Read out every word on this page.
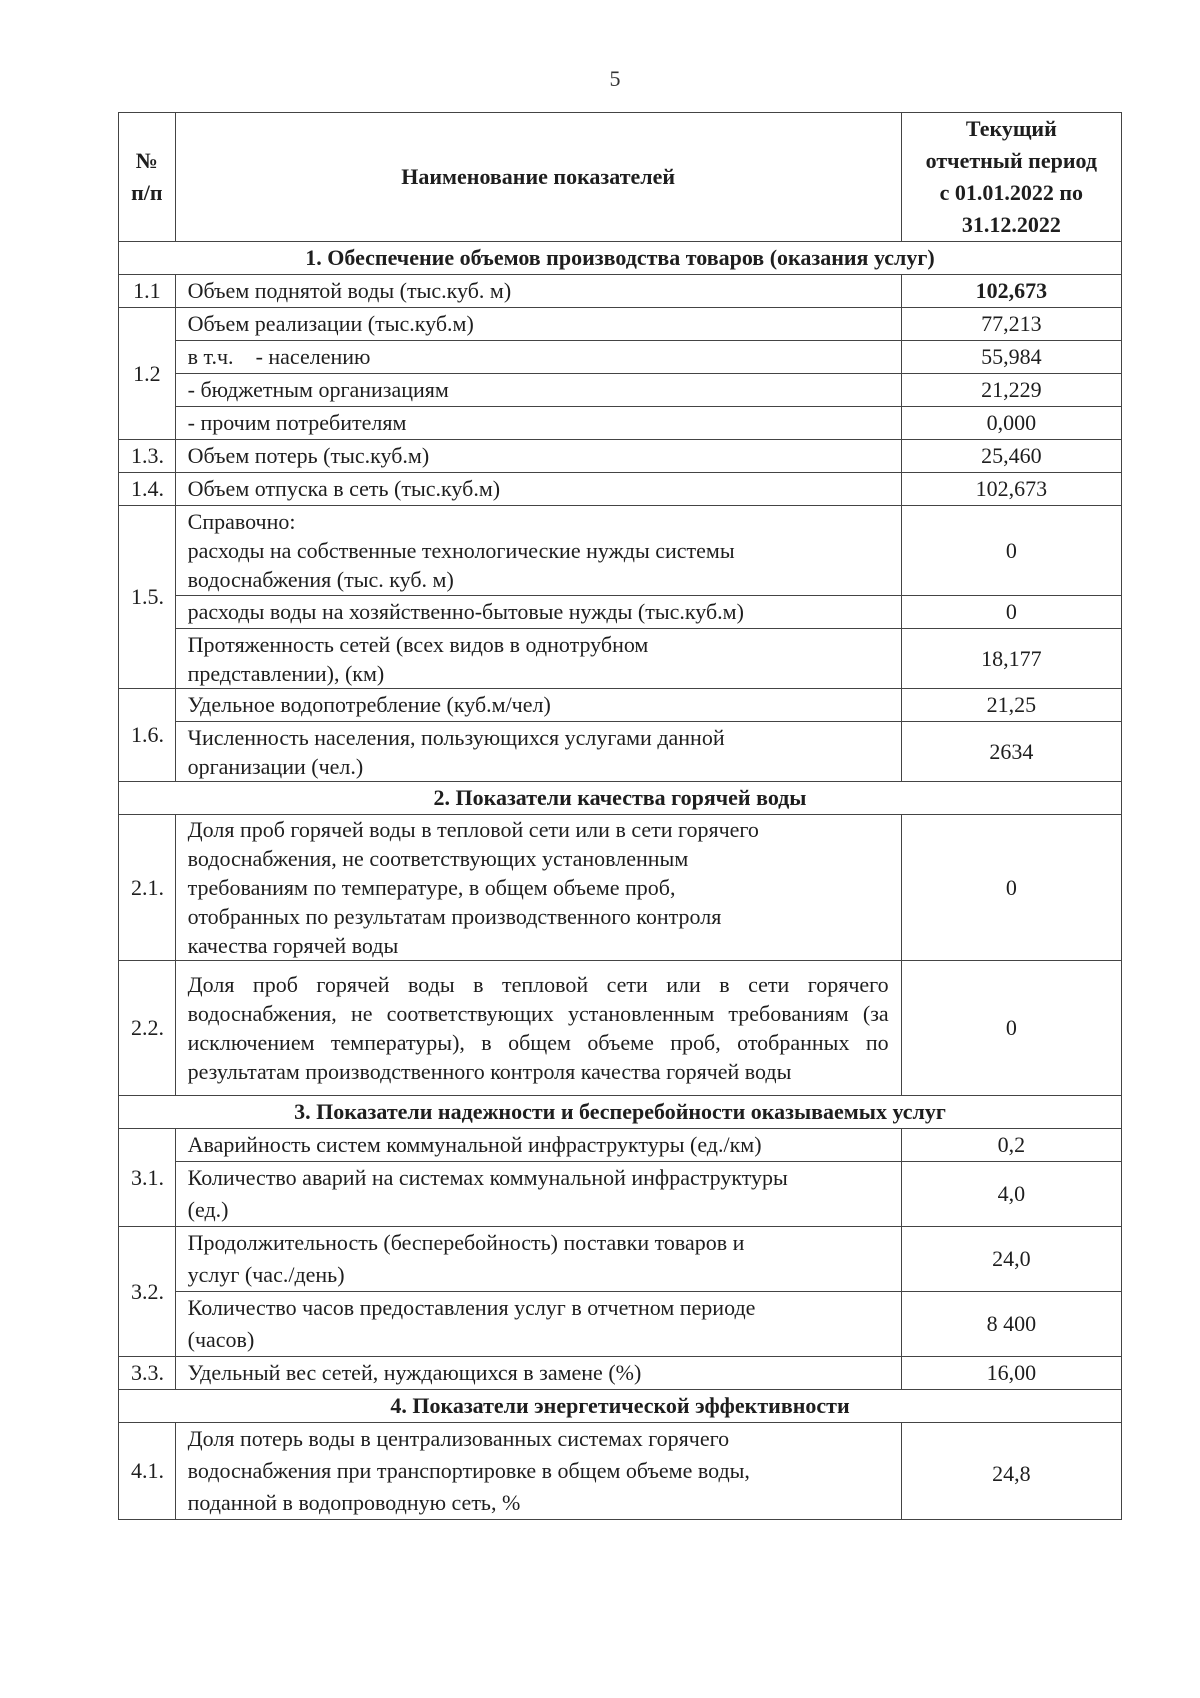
5
№ п/п	Наименование показателей	Текущий
отчетный период
с 01.01.2022 по
31.12.2022

1. Обеспечение объемов производства товаров (оказания услуг)		
1.1	Объем поднятой воды (тыс.куб. м)	102,673
1.2	Объем реализации (тыс.куб.м)	77,213
	в т.ч. - населению	55,984
	- бюджетным организациям	21,229
	- прочим потребителям	0,000
1.3.	Объем потерь (тыс.куб.м)	25,460
1.4.	Объем отпуска в сеть (тыс.куб.м)	102,673
1.5.	Справочно:
расходы на собственные технологические нужды системы
водоснабжения (тыс. куб. м)	0
	расходы воды на хозяйственно-бытовые нужды (тыс.куб.м)	0

	Протяженность сетей (всех видов в однотрубном
представлении), (км)	18,177
1.6.	Удельное водопотребление (куб.м/чел)	21,25

	Численность населения, пользующихся услугами данной
организации (чел.)	2634
2. Показатели качества горячей воды		
2.1.	Доля проб горячей воды в тепловой сети или в сети горячего
водоснабжения, не соответствующих установленным
требованиям по температуре, в общем объеме проб,
отобранных по результатам производственного контроля
качества горячей воды	0
2.2.	Доля проб горячей воды в тепловой сети или в сети горячего водоснабжения, не соответствующих установленным требованиям (за исключением температуры), в общем объеме проб, отобранных по результатам производственного контроля качества горячей воды	0
3. Показатели надежности и бесперебойности оказываемых услуг		
3.1.	Аварийность систем коммунальной инфраструктуры (ед./км)	0,2

	Количество аварий на системах коммунальной инфраструктуры
(ед.)	4,0
3.2.	Продолжительность (бесперебойность) поставки товаров и
услуг (час./день)	24,0

	Количество часов предоставления услуг в отчетном периоде
(часов)	8 400
3.3.	Удельный вес сетей, нуждающихся в замене (%)	16,00
4. Показатели энергетической эффективности		
4.1.	Доля потерь воды в централизованных системах горячего
водоснабжения при транспортировке в общем объеме воды,
поданной в водопроводную сеть, %	24,8
